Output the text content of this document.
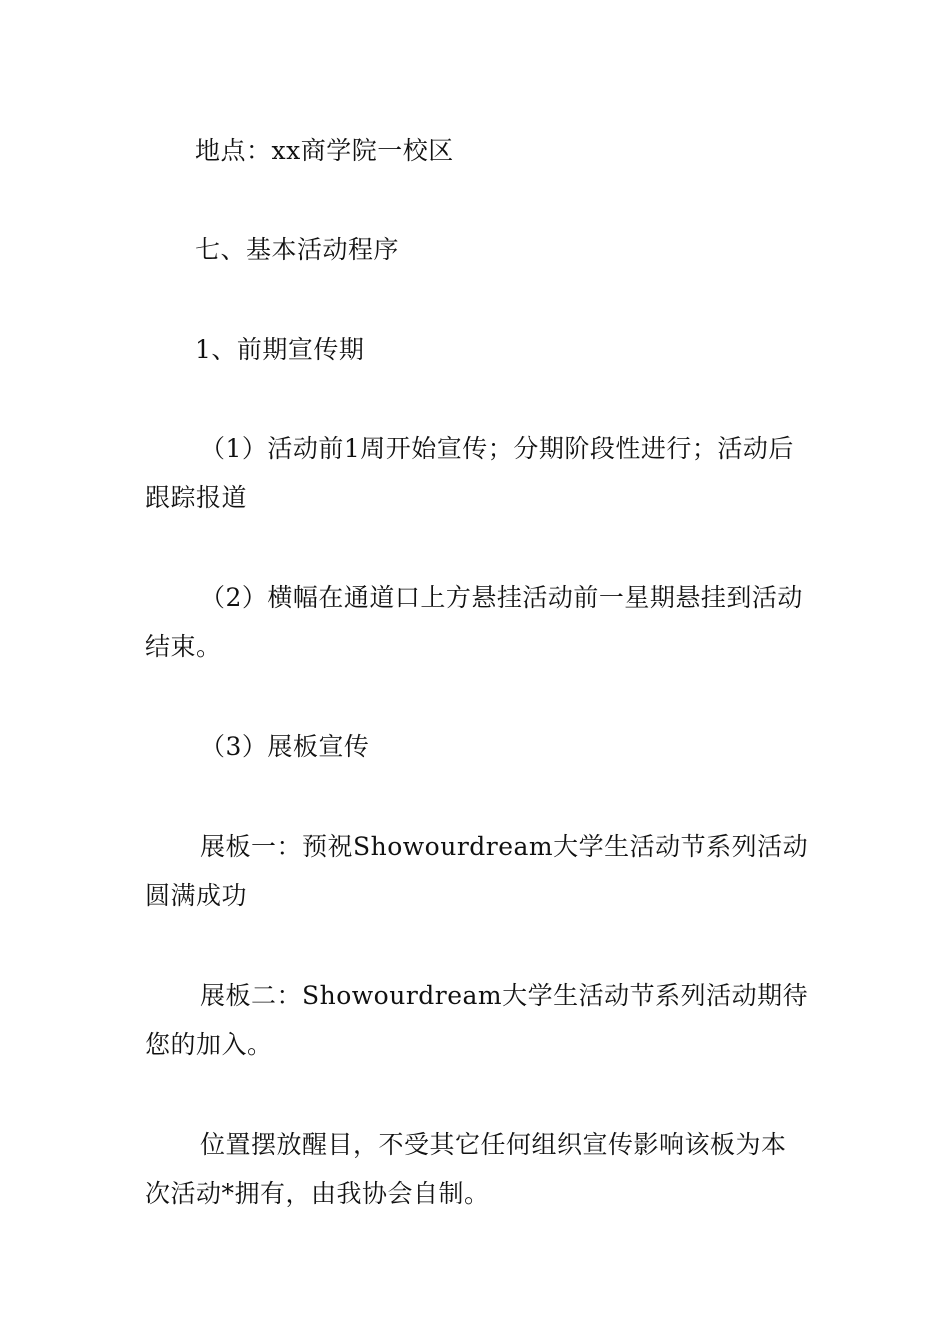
地点：xx商学院一校区

七、基本活动程序

1、前期宣传期

（1）活动前1周开始宣传；分期阶段性进行；活动后跟踪报道

（2）横幅在通道口上方悬挂活动前一星期悬挂到活动结束。

（3）展板宣传

展板一：预祝Showourdream大学生活动节系列活动圆满成功

展板二：Showourdream大学生活动节系列活动期待您的加入。

位置摆放醒目，不受其它任何组织宣传影响该板为本次活动*拥有，由我协会自制。
